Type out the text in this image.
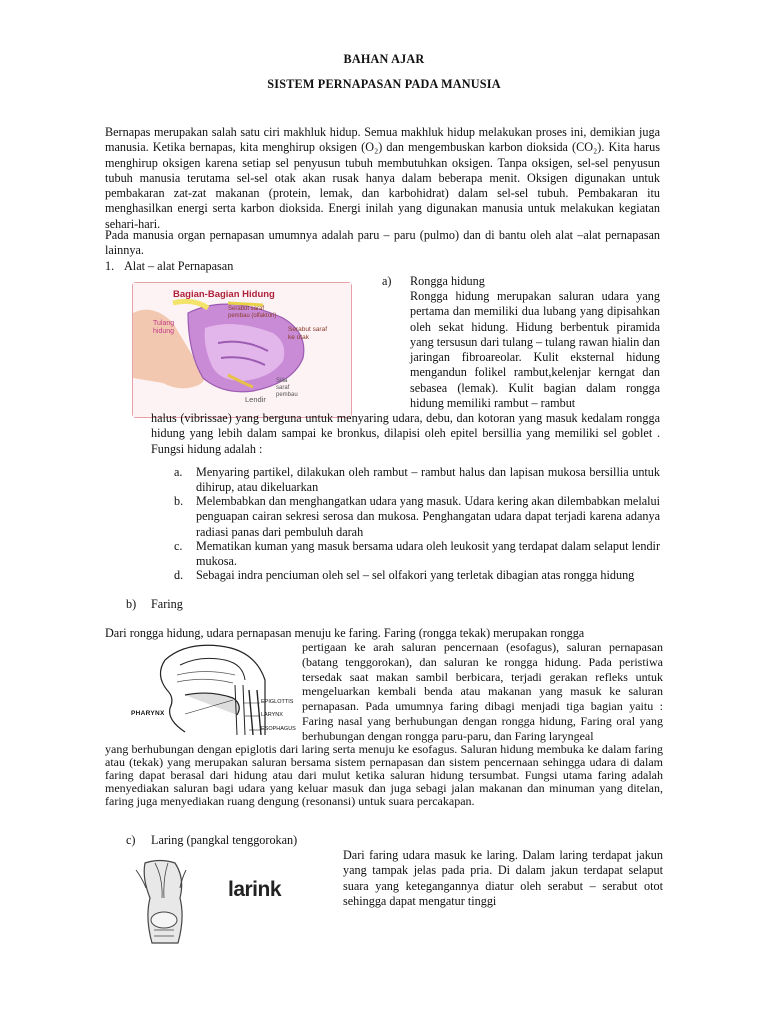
BAHAN AJAR
SISTEM PERNAPASAN PADA MANUSIA

Bernapas merupakan salah satu ciri makhluk hidup. Semua makhluk hidup melakukan proses ini, demikian juga manusia. Ketika bernapas, kita menghirup oksigen (O₂) dan mengembuskan karbon dioksida (CO₂). Kita harus menghirup oksigen karena setiap sel penyusun tubuh membutuhkan oksigen. Tanpa oksigen, sel-sel penyusun tubuh manusia terutama sel-sel otak akan rusak hanya dalam beberapa menit. Oksigen digunakan untuk pembakaran zat-zat makanan (protein, lemak, dan karbohidrat) dalam sel-sel tubuh. Pembakaran itu menghasilkan energi serta karbon dioksida. Energi inilah yang digunakan manusia untuk melakukan kegiatan sehari-hari.

Pada manusia organ pernapasan umumnya adalah paru – paru (pulmo) dan di bantu oleh alat –alat pernapasan lainnya.

1. Alat – alat Pernapasan
Bagian-Bagian Hidung
Tulang
hidung
Serabut saraf
pembau (olfaktori)
Serabut saraf
ke otak
Silia
saraf
pembau
Lendir
a) Rongga hidung

Rongga hidung merupakan saluran udara yang pertama dan memiliki dua lubang yang dipisahkan oleh sekat hidung. Hidung berbentuk piramida yang tersusun dari tulang – tulang rawan hialin dan jaringan fibroareolar. Kulit eksternal hidung mengandun folikel rambut,kelenjar kerngat dan sebasea (lemak). Kulit bagian dalam rongga hidung memiliki rambut – rambut

halus (vibrissae) yang berguna untuk menyaring udara, debu, dan kotoran yang masuk kedalam rongga hidung yang lebih dalam sampai ke bronkus, dilapisi oleh epitel bersillia yang memiliki sel goblet . Fungsi hidung adalah :

a. Menyaring partikel, dilakukan oleh rambut – rambut halus dan lapisan mukosa bersillia untuk dihirup, atau dikeluarkan

b. Melembabkan dan menghangatkan udara yang masuk. Udara kering akan dilembabkan melalui penguapan cairan sekresi serosa dan mukosa. Penghangatan udara dapat terjadi karena adanya radiasi panas dari pembuluh darah

c. Mematikan kuman yang masuk bersama udara oleh leukosit yang terdapat dalam selaput lendir mukosa.

d. Sebagai indra penciuman oleh sel – sel olfakori yang terletak dibagian atas rongga hidung

b) Faring

Dari rongga hidung, udara pernapasan menuju ke faring. Faring (rongga tekak) merupakan rongga

PHARYNX
EPIGLOTTIS
LARYNX
ESOPHAGUS

pertigaan ke arah saluran pencernaan (esofagus), saluran pernapasan (batang tenggorokan), dan saluran ke rongga hidung. Pada peristiwa tersedak saat makan sambil berbicara, terjadi gerakan refleks untuk mengeluarkan kembali benda atau makanan yang masuk ke saluran pernapasan. Pada umumnya faring dibagi menjadi tiga bagian yaitu : Faring nasal yang berhubungan dengan rongga hidung, Faring oral yang berhubungan dengan rongga paru-paru, dan Faring laryngeal

yang berhubungan dengan epiglotis dari laring serta menuju ke esofagus. Saluran hidung membuka ke dalam faring atau (tekak) yang merupakan saluran bersama sistem pernapasan dan sistem pencernaan sehingga udara di dalam faring dapat berasal dari hidung atau dari mulut ketika saluran hidung tersumbat. Fungsi utama faring adalah menyediakan saluran bagi udara yang keluar masuk dan juga sebagi jalan makanan dan minuman yang ditelan, faring juga menyediakan ruang dengung (resonansi) untuk suara percakapan.

c) Laring (pangkal tenggorokan)
larink

Dari faring udara masuk ke laring. Dalam laring terdapat jakun yang tampak jelas pada pria. Di dalam jakun terdapat selaput suara yang ketegangannya diatur oleh serabut – serabut otot sehingga dapat mengatur tinggi
